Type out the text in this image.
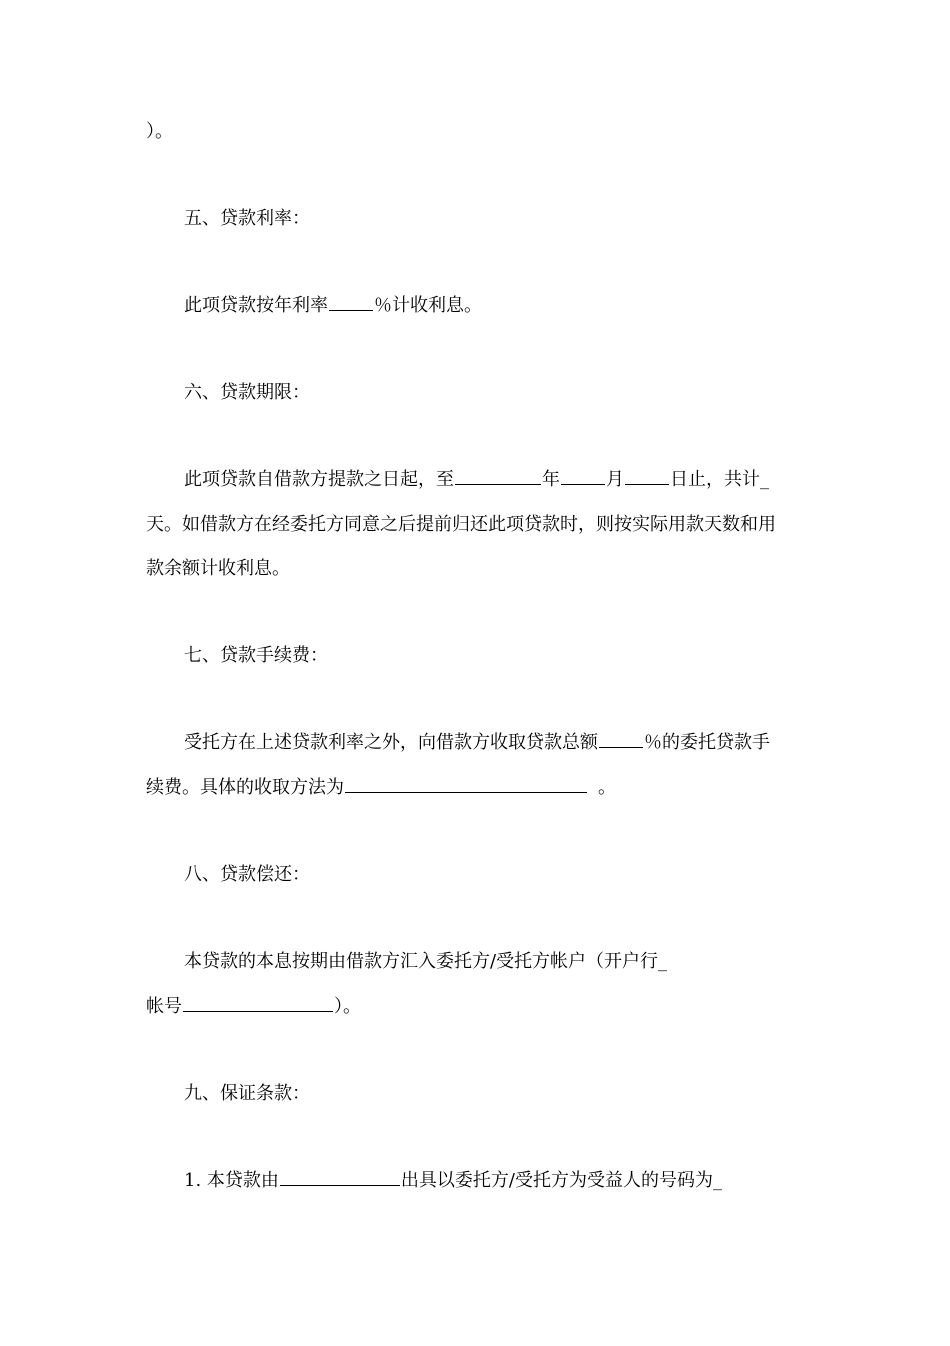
）。
五、贷款利率：
此项贷款按年利率	％计收利息。
六、贷款期限：
此项贷款自借款方提款之日起，至	年	月	日止，共计_
天。如借款方在经委托方同意之后提前归还此项贷款时，则按实际用款天数和用
款余额计收利息。
七、贷款手续费：
受托方在上述贷款利率之外，向借款方收取贷款总额	％的委托贷款手
续费。具体的收取方法为	。
八、贷款偿还：
本贷款的本息按期由借款方汇入委托方/受托方帐户（开户行_
帐号	）。
九、保证条款：
1. 本贷款由	出具以委托方/受托方为受益人的号码为_
